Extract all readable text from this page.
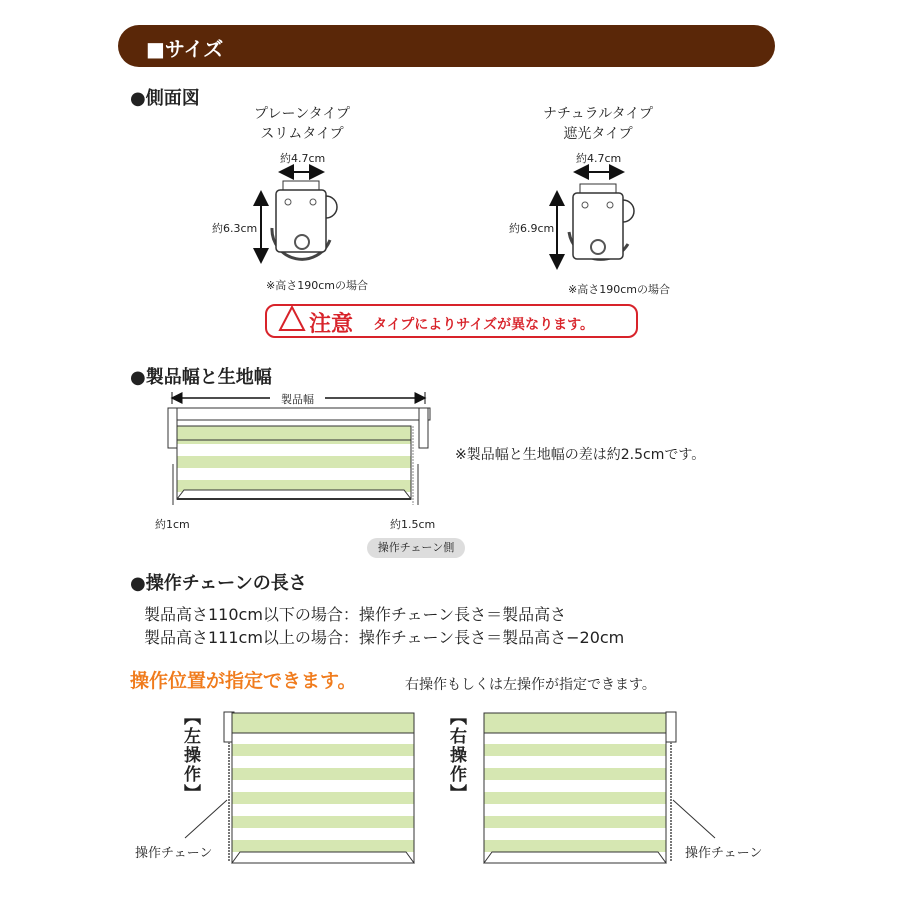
■サイズ
●側面図
プレーンタイプ
スリムタイプ
約4.7cm
約6.3cm
※高さ190cmの場合
ナチュラルタイプ
遮光タイプ
約4.7cm
約6.9cm
※高さ190cmの場合
注意 タイプによりサイズが異なります。
●製品幅と生地幅
製品幅
※製品幅と生地幅の差は約2.5cmです。
約1cm	約1.5cm
操作チェーン側
●操作チェーンの長さ
製品高さ110cm以下の場合：操作チェーン長さ＝製品高さ
製品高さ111cm以上の場合：操作チェーン長さ＝製品高さ−20cm
操作位置が指定できます。	右操作もしくは左操作が指定できます。
【左操作】	【右操作】
操作チェーン	操作チェーン
